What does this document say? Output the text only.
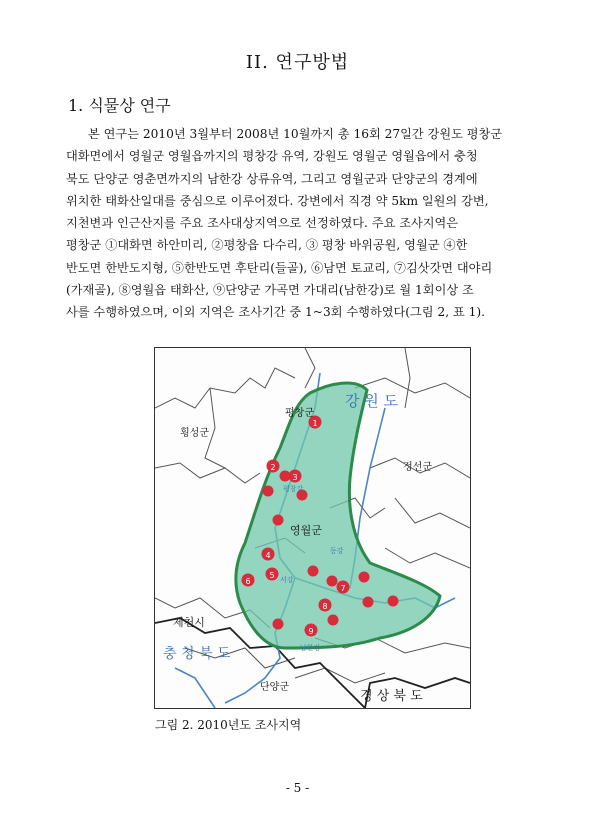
II. 연구방법
1. 식물상 연구

본 연구는 2010년 3월부터 2008년 10월까지 총 16회 27일간 강원도 평창군

대화면에서 영월군 영월읍까지의 평창강 유역, 강원도 영월군 영월읍에서 충청

북도 단양군 영춘면까지의 남한강 상류유역, 그리고 영월군과 단양군의 경계에

위치한 태화산일대를 중심으로 이루어졌다. 강변에서 직경 약 5km 일원의 강변,

지천변과 인근산지를 주요 조사대상지역으로 선정하였다. 주요 조사지역은

평창군 ①대화면 하안미리, ②평창읍 다수리, ③ 평창 바위공원, 영월군 ④한

반도면 한반도지형, ⑤한반도면 후탄리(들골), ⑥남면 토교리, ⑦김삿갓면 대야리

(가재골), ⑧영월읍 태화산, ⑨단양군 가곡면 가대리(남한강)로 월 1회이상 조

사를 수행하였으며, 이외 지역은 조사기간 중 1~3회 수행하였다(그림 2, 표 1).

1
2
3
4
5
6
7
8
9
강 원 도
평창군
횡성군
정선군
영월군
제천시
충 청 북 도
단양군
경 상 북 도
평창강
서강
동강
남한강
그림 2. 2010년도 조사지역
- 5 -
